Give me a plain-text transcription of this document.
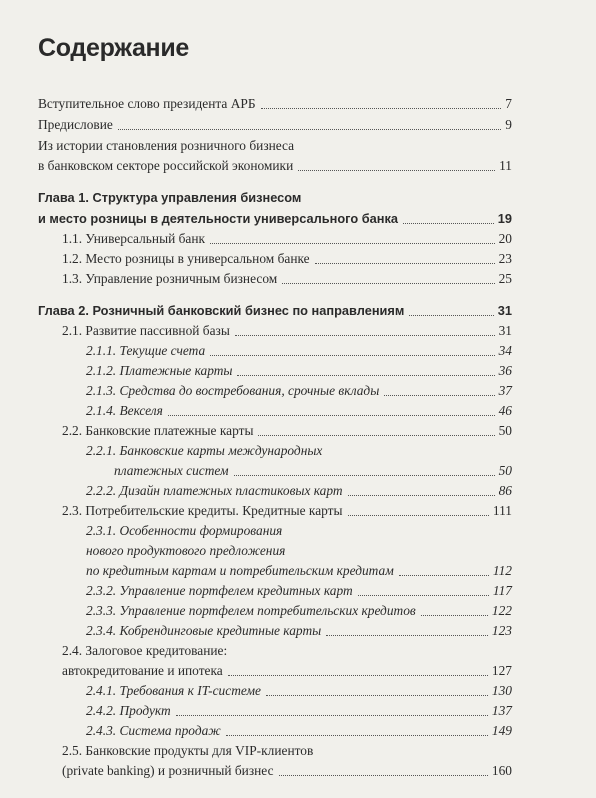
Содержание
Вступительное слово президента АРБ	7
Предисловие	9
Из истории становления розничного бизнеса
в банковском секторе российской экономики	11
Глава 1. Структура управления бизнесом
и место розницы в деятельности универсального банка	19
1.1. Универсальный банк	20
1.2. Место розницы в универсальном банке	23
1.3. Управление розничным бизнесом	25
Глава 2. Розничный банковский бизнес по направлениям	31
2.1. Развитие пассивной базы	31
2.1.1. Текущие счета	34
2.1.2. Платежные карты	36
2.1.3. Средства до востребования, срочные вклады	37
2.1.4. Векселя	46
2.2. Банковские платежные карты	50
2.2.1. Банковские карты международных
платежных систем	50
2.2.2. Дизайн платежных пластиковых карт	86
2.3. Потребительские кредиты. Кредитные карты	111
2.3.1. Особенности формирования
нового продуктового предложения
по кредитным картам и потребительским кредитам	112
2.3.2. Управление портфелем кредитных карт	117
2.3.3. Управление портфелем потребительских кредитов	122
2.3.4. Кобрендинговые кредитные карты	123
2.4. Залоговое кредитование:
автокредитование и ипотека	127
2.4.1. Требования к IT-системе	130
2.4.2. Продукт	137
2.4.3. Система продаж	149
2.5. Банковские продукты для VIP-клиентов
(private banking) и розничный бизнес	160
